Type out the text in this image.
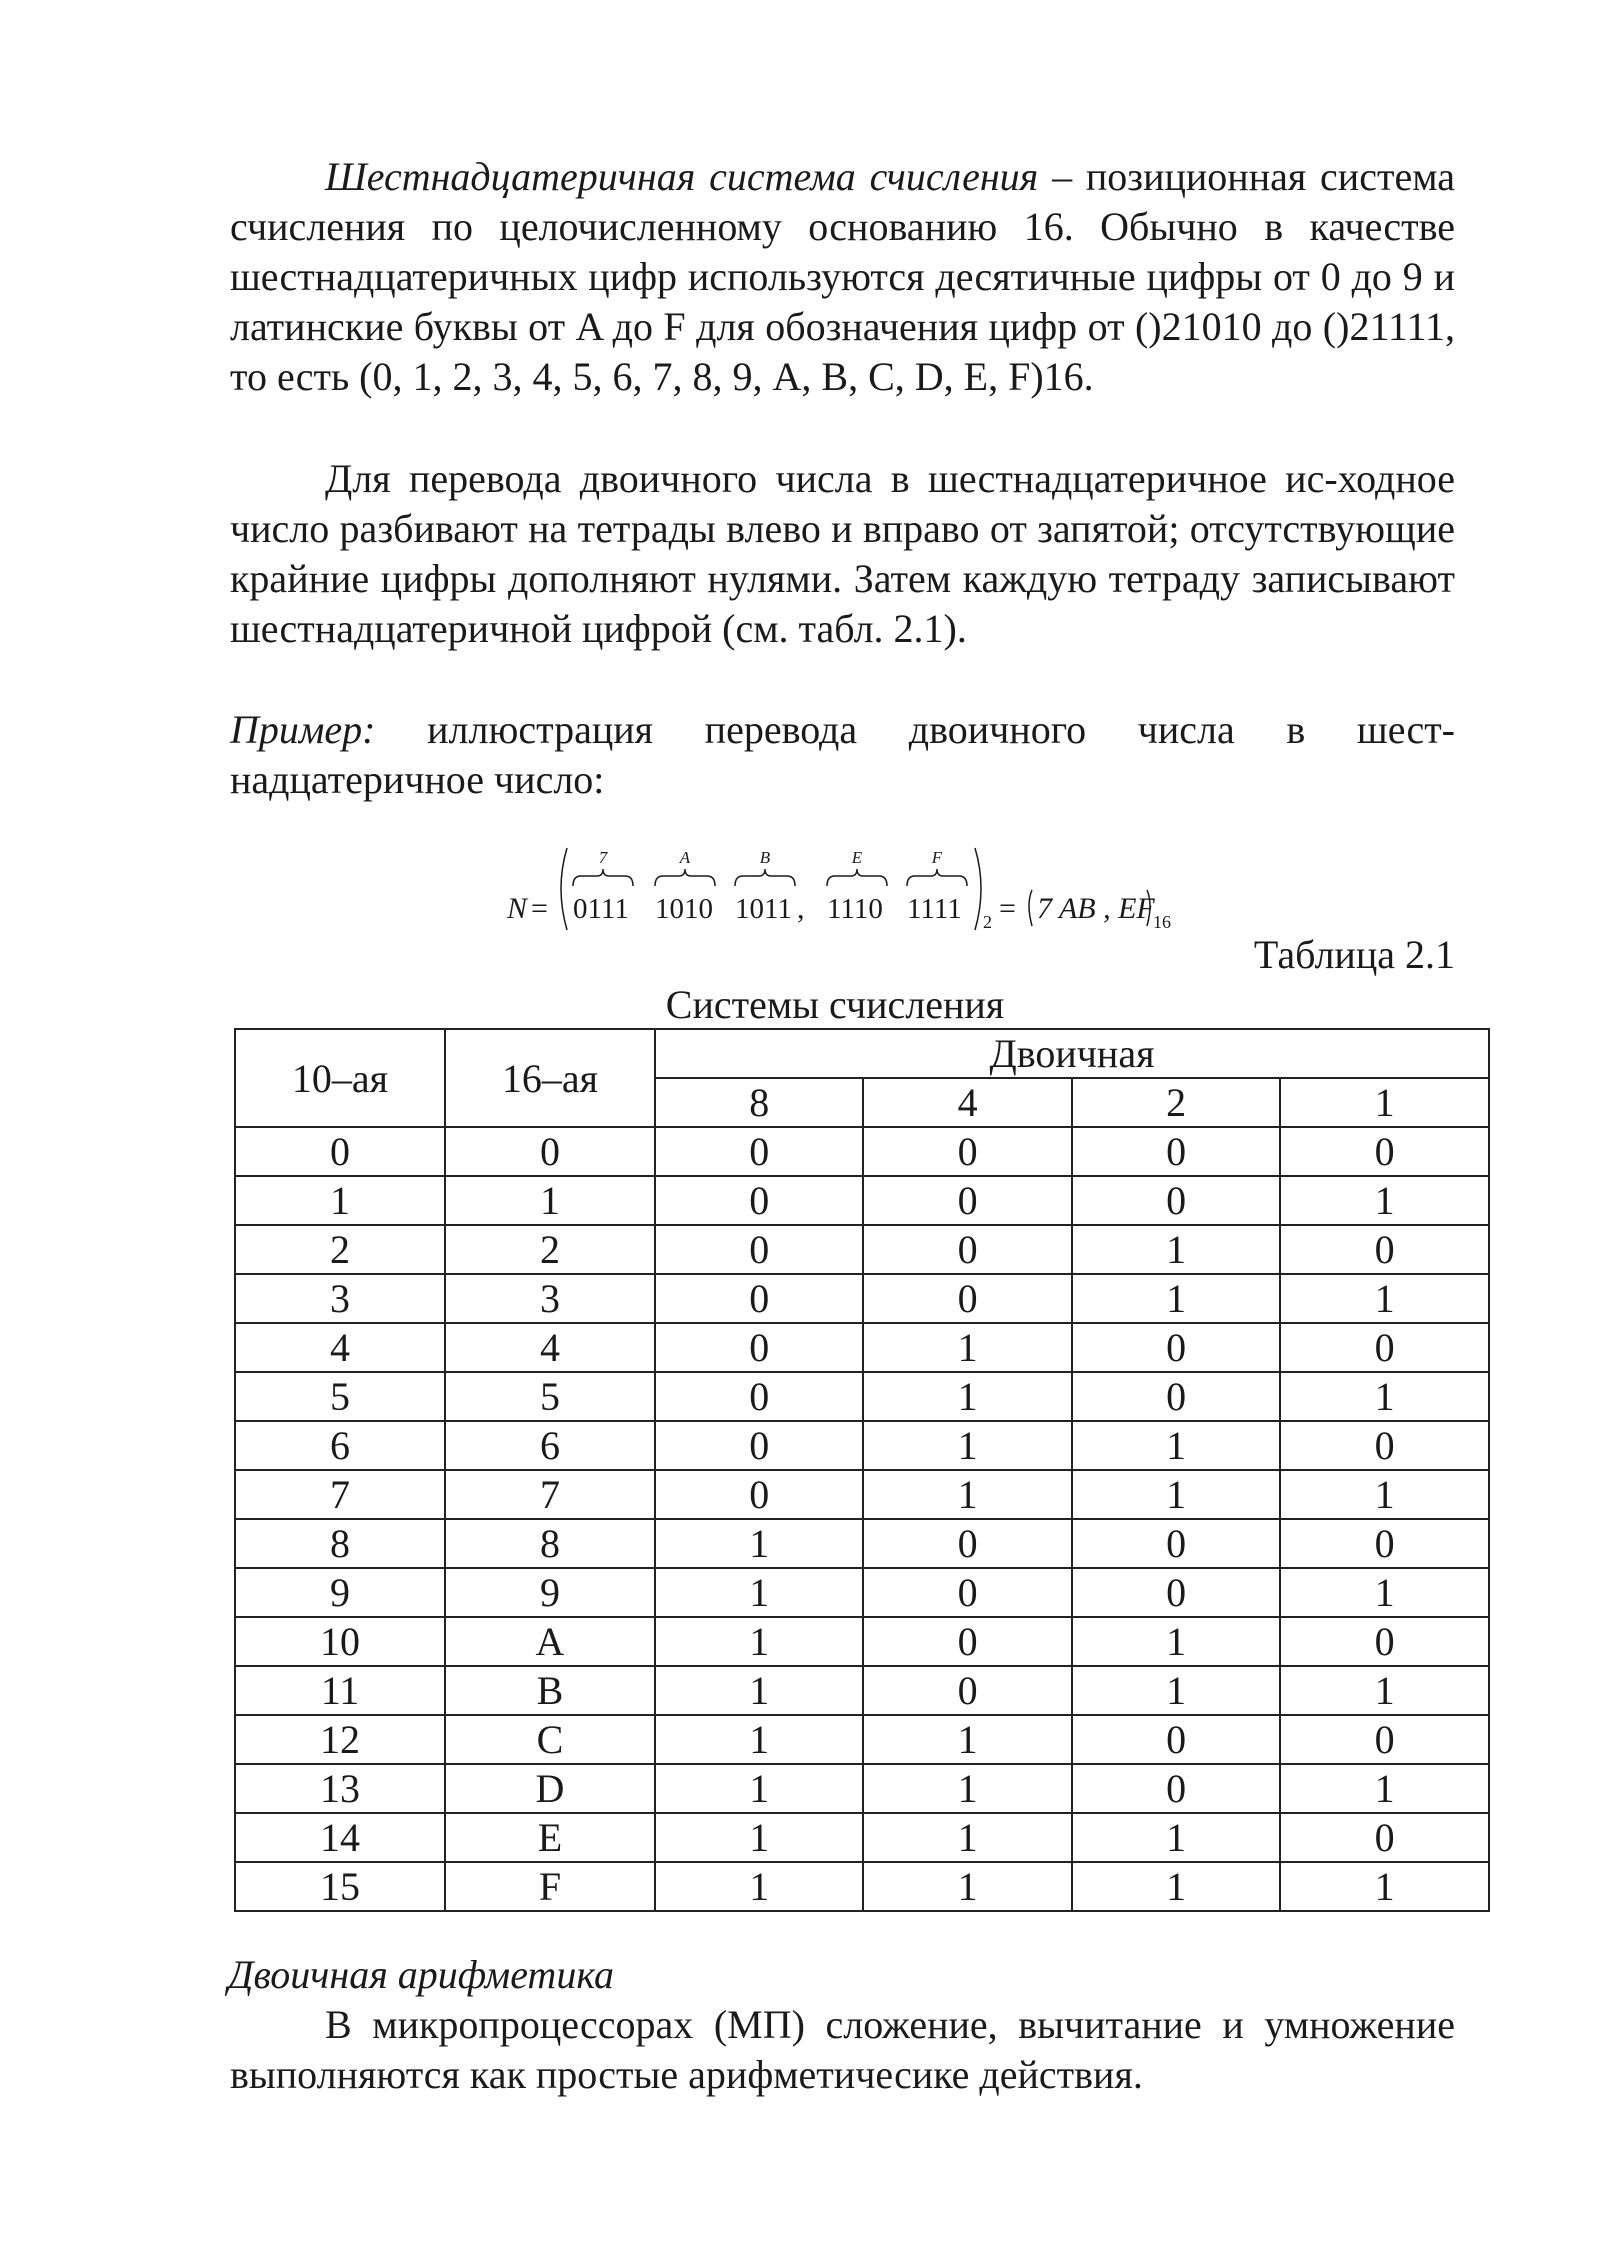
Шестнадцатеричная система счисления – позиционная система счисления по целочисленному основанию 16. Обычно в качестве шестнадцатеричных цифр используются десятичные цифры от 0 до 9 и латинские буквы от A до F для обозначения цифр от ()21010 до ()21111, то есть (0, 1, 2, 3, 4, 5, 6, 7, 8, 9, A, B, C, D, E, F)16.

Для перевода двоичного числа в шестнадцатеричное ис-ходное число разбивают на тетрады влево и вправо от запятой; отсутствующие крайние цифры дополняют нулями. Затем каждую тетраду записывают шестнадцатеричной цифрой (см. табл. 2.1).

Пример: иллюстрация перевода двоичного числа в шест-надцатеричное число:

N = 0111
7
1010
A
1011
B
1110
E
1111
F
,	2 = 7 AB , EF
16
Таблица 2.1
Системы счисления
10–ая	16–ая	Двоичная			
		8	4	2	1
0	0	0	0	0	0
1	1	0	0	0	1
2	2	0	0	1	0
3	3	0	0	1	1
4	4	0	1	0	0
5	5	0	1	0	1
6	6	0	1	1	0
7	7	0	1	1	1
8	8	1	0	0	0
9	9	1	0	0	1
10	A	1	0	1	0
11	B	1	0	1	1
12	C	1	1	0	0
13	D	1	1	0	1
14	E	1	1	1	0
15	F	1	1	1	1
Двоичная арифметика

В микропроцессорах (МП) сложение, вычитание и умножение выполняются как простые арифметичесике действия.
